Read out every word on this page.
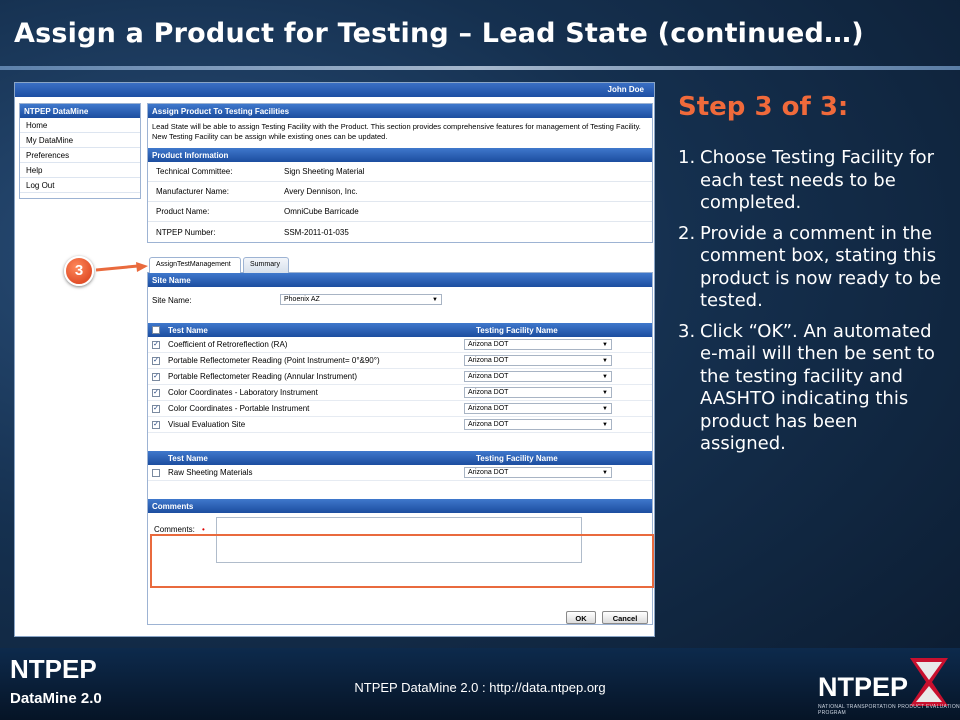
Assign a Product for Testing – Lead State (continued…)
John Doe
NTPEP DataMine
Home
My DataMine
Preferences
Help
Log Out
Assign Product To Testing Facilities
Lead State will be able to assign Testing Facility with the Product. This section provides comprehensive features for management of Testing Facility. New Testing Facility can be assign while existing ones can be updated.
Product Information
Technical Committee:	Sign Sheeting Material
Manufacturer Name:	Avery Dennison, Inc.
Product Name:	OmniCube Barricade
NTPEP Number:	SSM-2011-01-035
AssignTestManagement	Summary
Site Name
Site Name:	Phoenix AZ	▼
Test Name	Testing Facility Name
✓ Coefficient of Retroreflection (RA)	Arizona DOT	▼
✓ Portable Reflectometer Reading (Point Instrument= 0°&90°)	Arizona DOT	▼
✓ Portable Reflectometer Reading (Annular Instrument)	Arizona DOT	▼
✓ Color Coordinates - Laboratory Instrument	Arizona DOT	▼
✓ Color Coordinates - Portable Instrument	Arizona DOT	▼
✓ Visual Evaluation Site	Arizona DOT	▼
Test Name	Testing Facility Name
Raw Sheeting Materials	Arizona DOT	▼
Comments
Comments: •
OK	Cancel
3
Step 3 of 3:
1. Choose Testing Facility for each test needs to be completed.
2. Provide a comment in the comment box, stating this product is now ready to be tested.
3. Click “OK”. An automated e-mail will then be sent to the testing facility and AASHTO indicating this product has been assigned.
NTPEP
DataMine 2.0
NTPEP DataMine 2.0 : http://data.ntpep.org	NTPEP
NATIONAL TRANSPORTATION PRODUCT EVALUATION PROGRAM
